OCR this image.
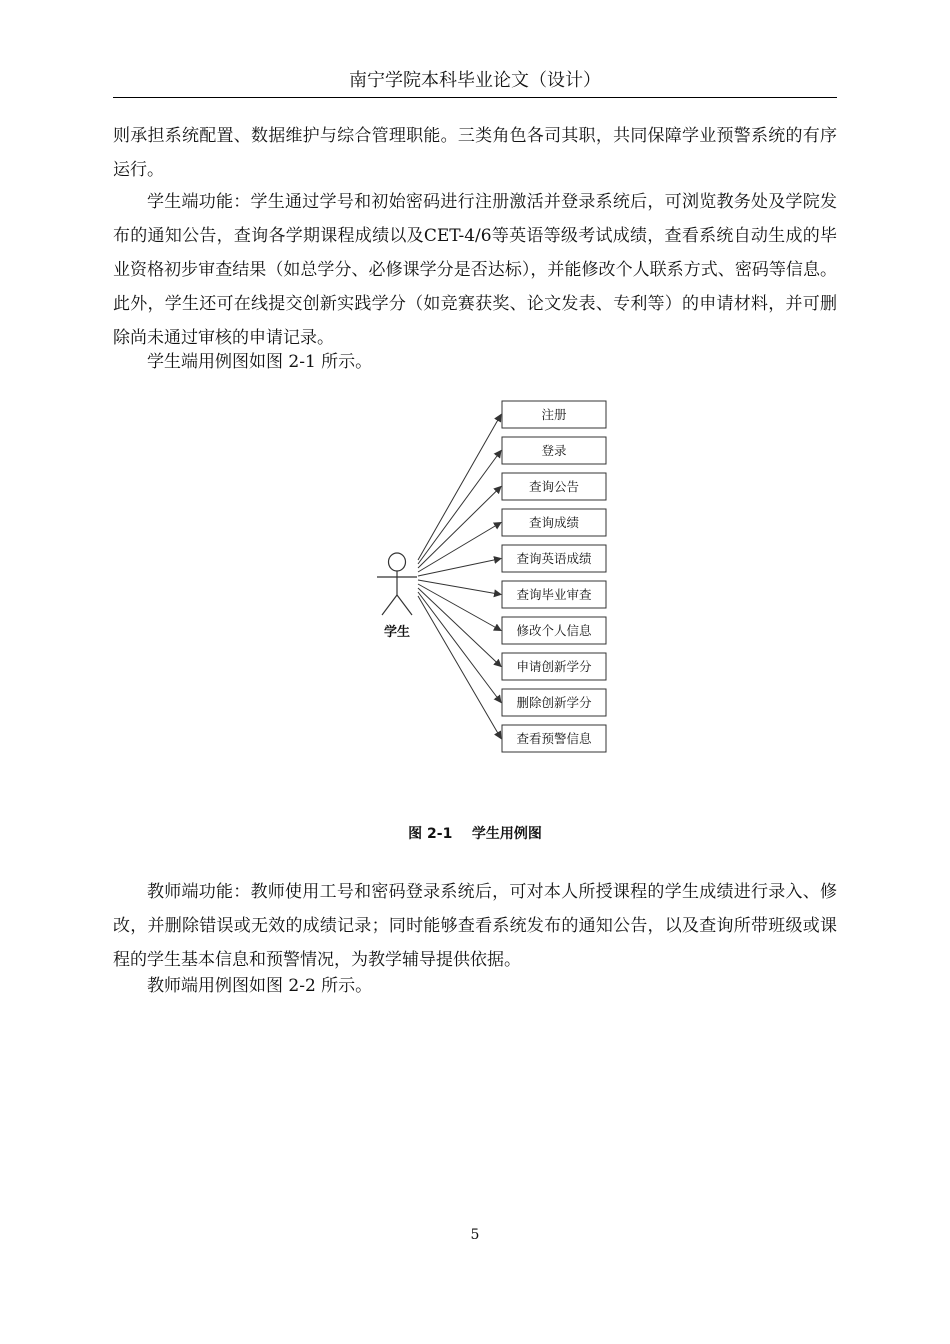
南宁学院本科毕业论文（设计）

则承担系统配置、数据维护与综合管理职能。三类角色各司其职，共同保障学业预警系统的有序运行。

学生端功能：学生通过学号和初始密码进行注册激活并登录系统后，可浏览教务处及学院发布的通知公告，查询各学期课程成绩以及CET-4/6等英语等级考试成绩，查看系统自动生成的毕业资格初步审查结果（如总学分、必修课学分是否达标），并能修改个人联系方式、密码等信息。此外，学生还可在线提交创新实践学分（如竞赛获奖、论文发表、专利等）的申请材料，并可删除尚未通过审核的申请记录。

学生端用例图如图 2-1 所示。

学生
注册
登录
查询公告
查询成绩
查询英语成绩
查询毕业审查
修改个人信息
申请创新学分
删除创新学分
查看预警信息
图 2-1    学生用例图

教师端功能：教师使用工号和密码登录系统后，可对本人所授课程的学生成绩进行录入、修改，并删除错误或无效的成绩记录；同时能够查看系统发布的通知公告，以及查询所带班级或课程的学生基本信息和预警情况，为教学辅导提供依据。

教师端用例图如图 2-2 所示。

5
